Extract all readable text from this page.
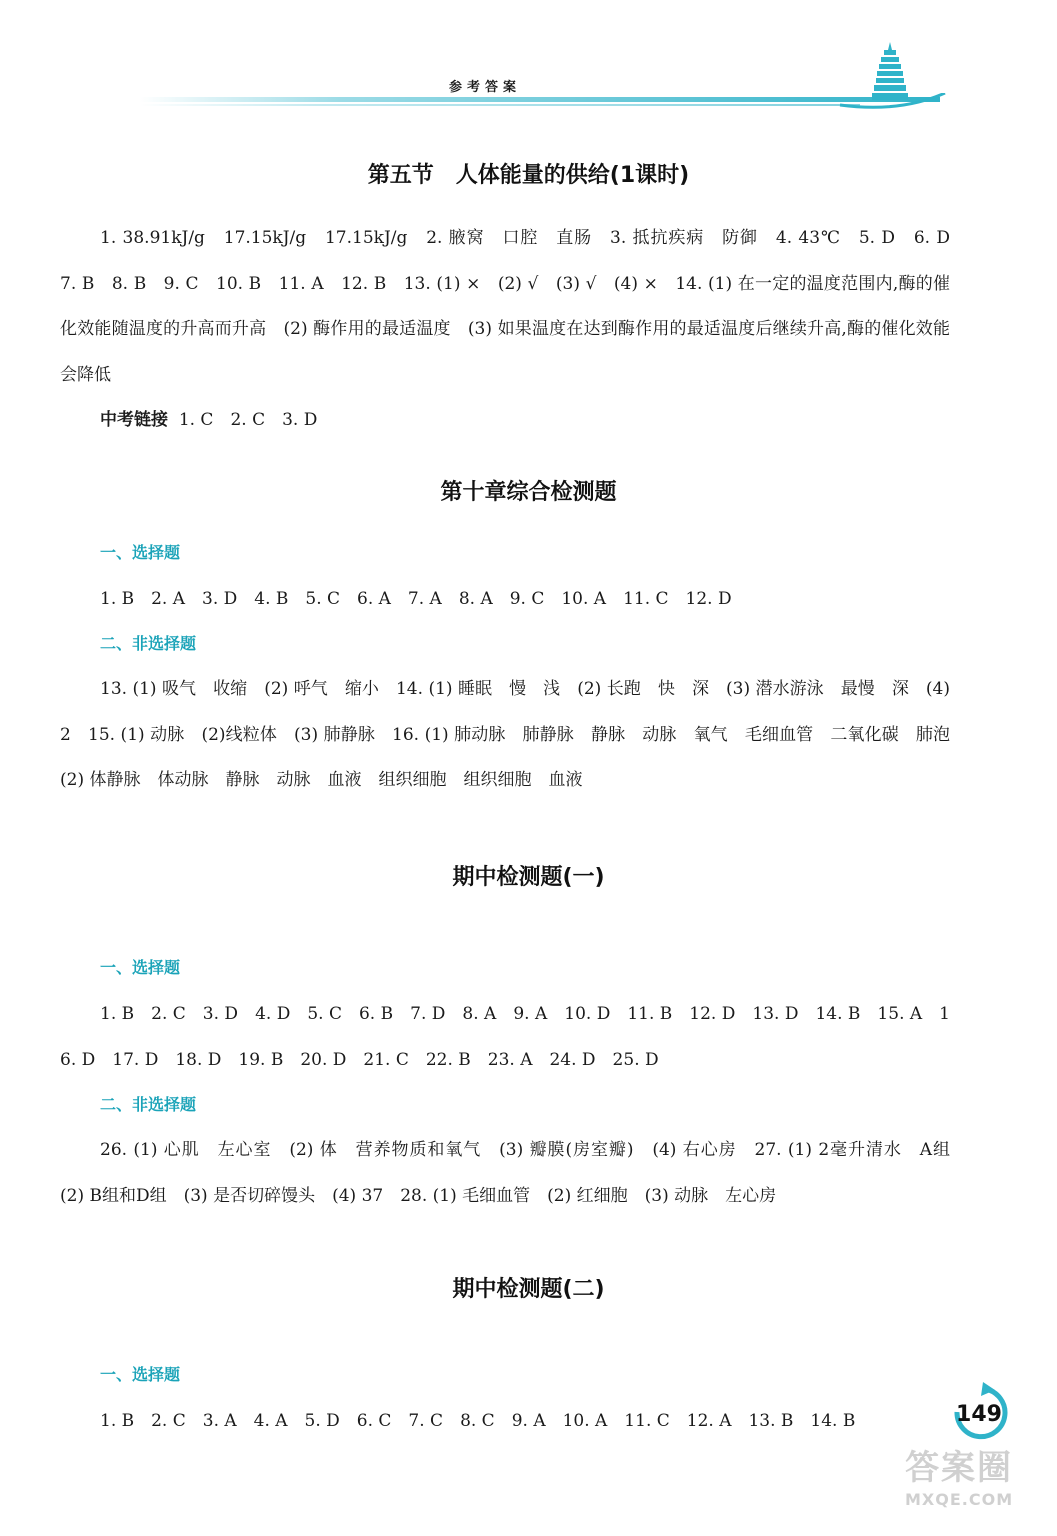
参考答案
第五节　人体能量的供给(1课时)

1. 38.91kJ/g　17.15kJ/g　17.15kJ/g　2. 腋窝　口腔　直肠　3. 抵抗疾病　防御　4. 43℃　5. D　6. D　7. B　8. B　9. C　10. B　11. A　12. B　13. (1) ×　(2) √　(3) √　(4) ×　14. (1) 在一定的温度范围内,酶的催化效能随温度的升高而升高　(2) 酶作用的最适温度　(3) 如果温度在达到酶作用的最适温度后继续升高,酶的催化效能会降低

中考链接 1. C　2. C　3. D
第十章综合检测题
一、选择题

1. B　2. A　3. D　4. B　5. C　6. A　7. A　8. A　9. C　10. A　11. C　12. D

二、非选择题

13. (1) 吸气　收缩　(2) 呼气　缩小　14. (1) 睡眠　慢　浅　(2) 长跑　快　深　(3) 潜水游泳　最慢　深　(4) 2　15. (1) 动脉　(2)线粒体　(3) 肺静脉　16. (1) 肺动脉　肺静脉　静脉　动脉　氧气　毛细血管　二氧化碳　肺泡　(2) 体静脉　体动脉　静脉　动脉　血液　组织细胞　组织细胞　血液

期中检测题(一)
一、选择题

1. B　2. C　3. D　4. D　5. C　6. B　7. D　8. A　9. A　10. D　11. B　12. D　13. D　14. B　15. A　16. D　17. D　18. D　19. B　20. D　21. C　22. B　23. A　24. D　25. D

二、非选择题

26. (1) 心肌　左心室　(2) 体　营养物质和氧气　(3) 瓣膜(房室瓣)　(4) 右心房　27. (1) 2毫升清水　A组　(2) B组和D组　(3) 是否切碎馒头　(4) 37　28. (1) 毛细血管　(2) 红细胞　(3) 动脉　左心房

期中检测题(二)
一、选择题

1. B　2. C　3. A　4. A　5. D　6. C　7. C　8. C　9. A　10. A　11. C　12. A　13. B　14. B	149
答案圈
MXQE.COM
